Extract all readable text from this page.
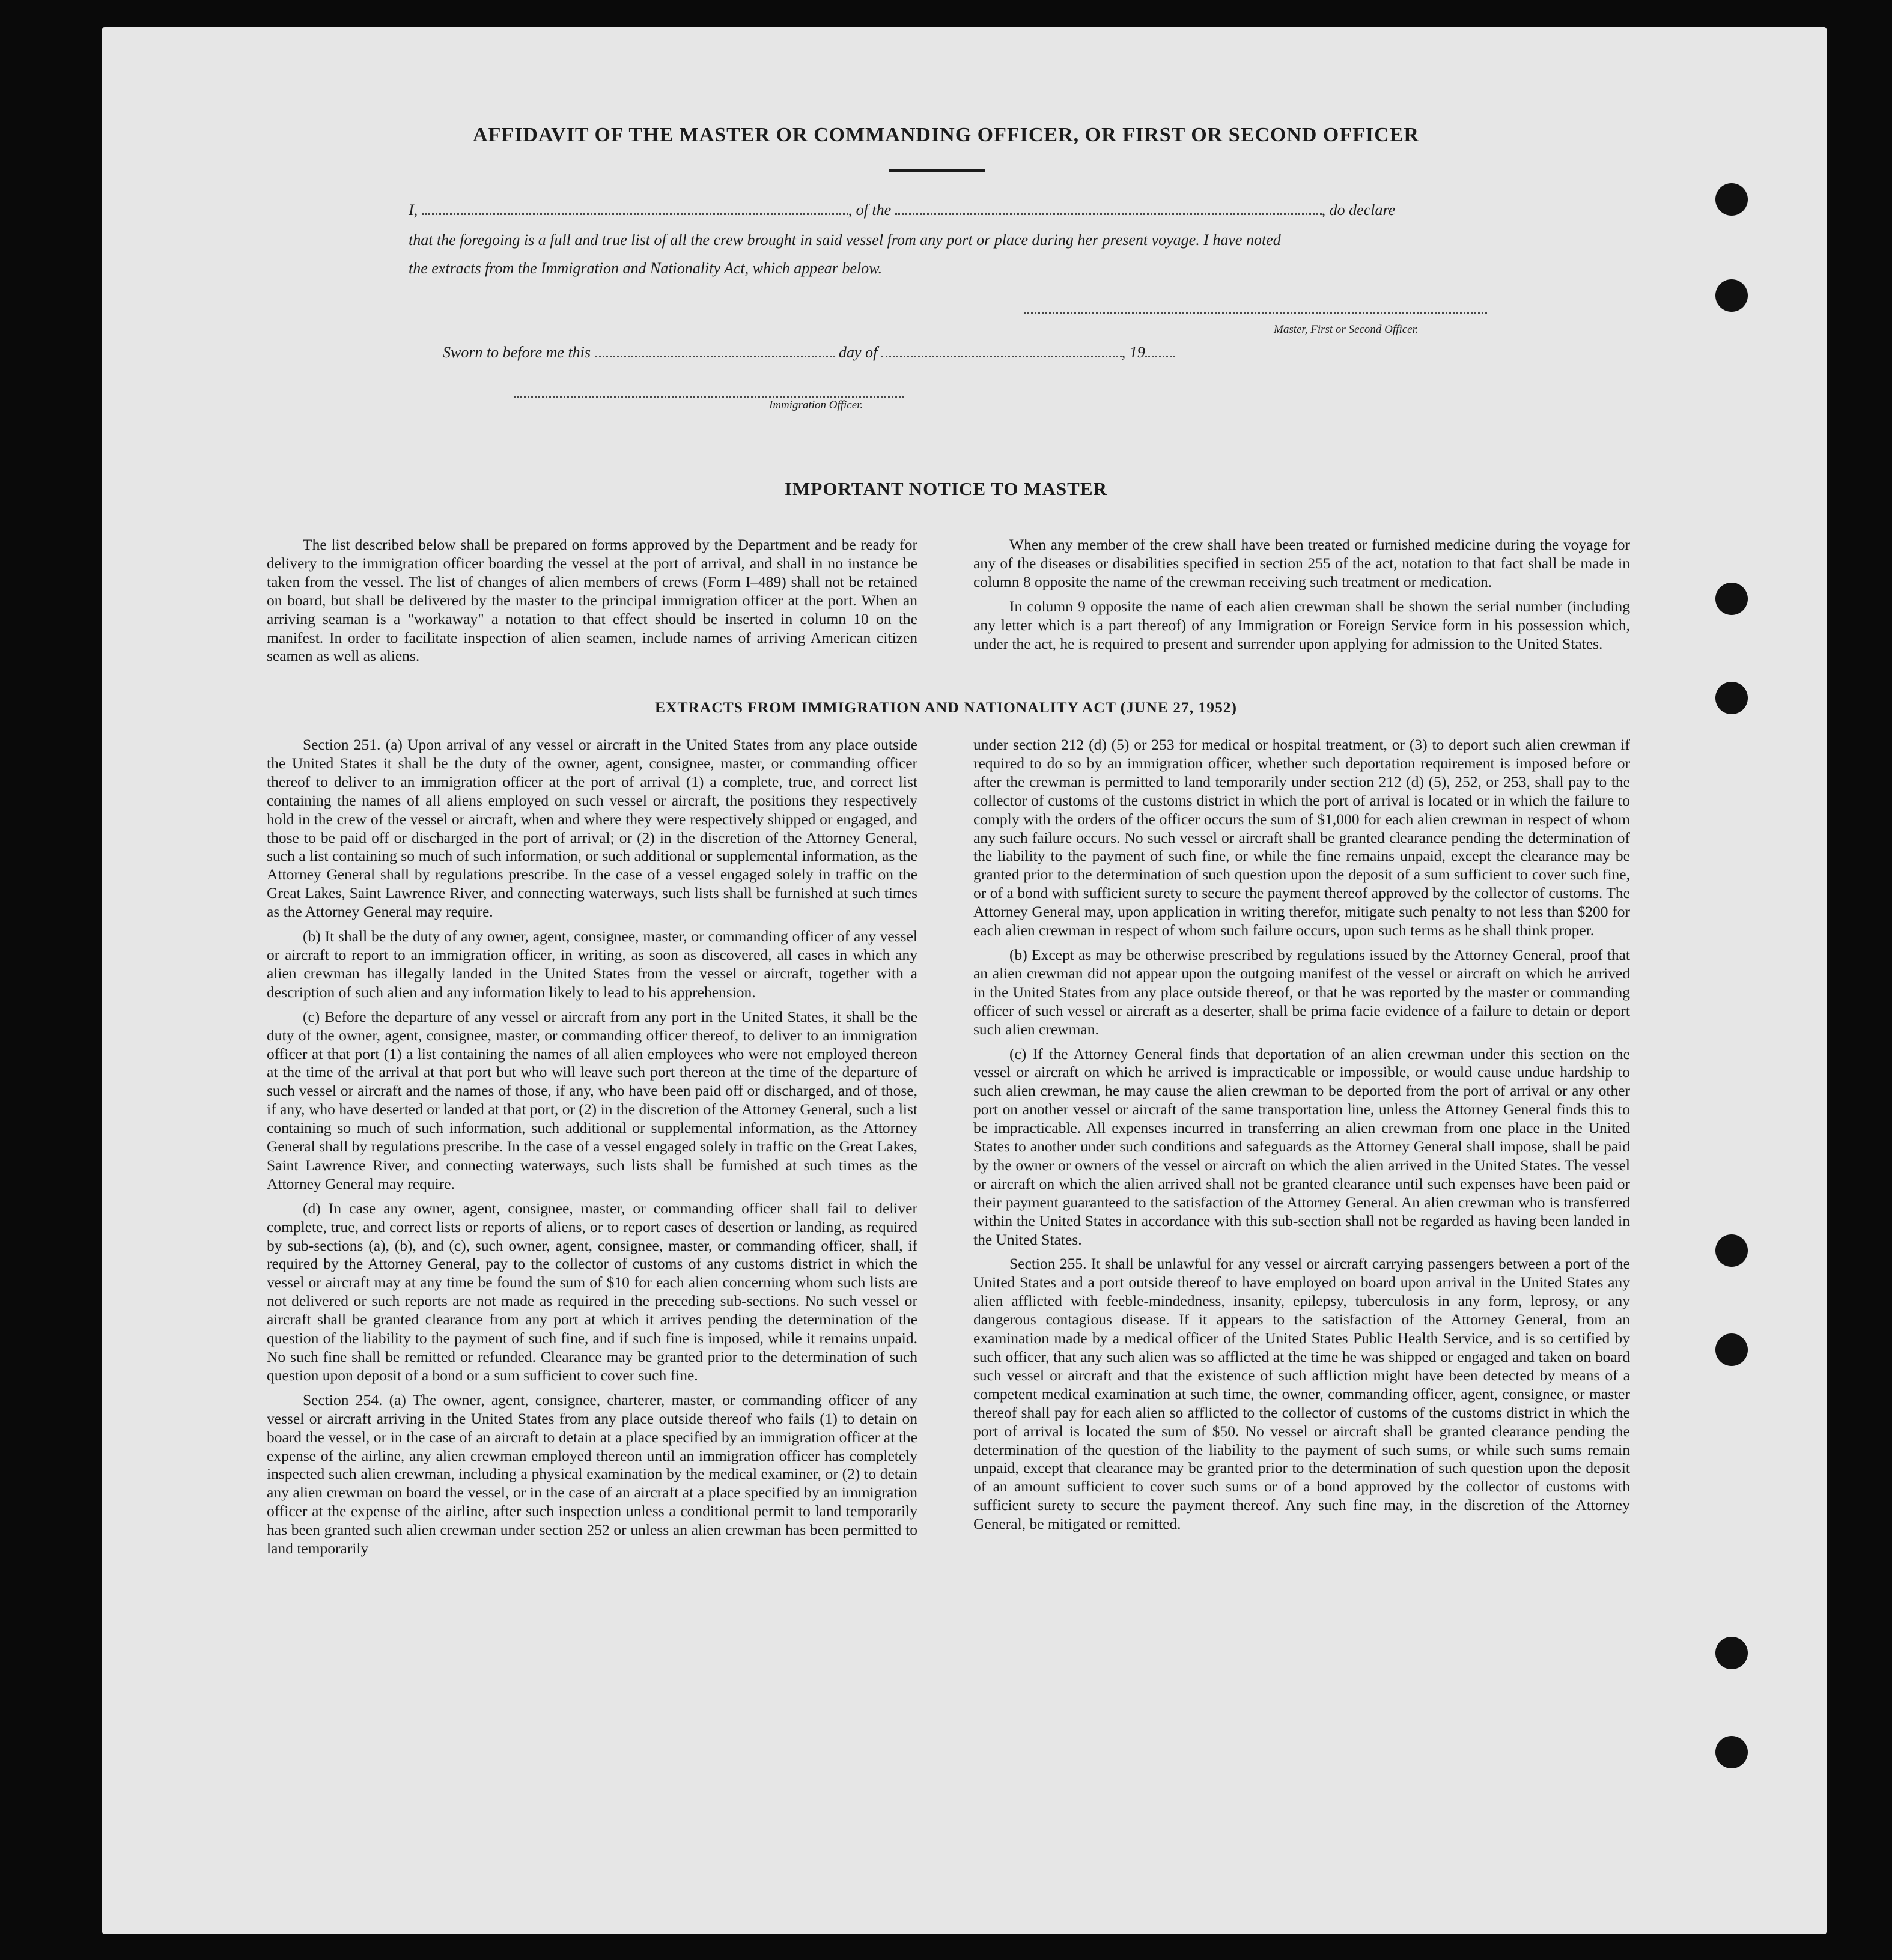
AFFIDAVIT OF THE MASTER OR COMMANDING OFFICER, OR FIRST OR SECOND OFFICER
I,	, of the	, do declare
that the foregoing is a full and true list of all the crew brought in said vessel from any port or place during her present voyage. I have noted
the extracts from the Immigration and Nationality Act, which appear below.
Master, First or Second Officer.
Sworn to before me this	day of	, 19
Immigration Officer.
IMPORTANT NOTICE TO MASTER

The list described below shall be prepared on forms approved by the Department and be ready for delivery to the immigration officer boarding the vessel at the port of arrival, and shall in no instance be taken from the vessel. The list of changes of alien members of crews (Form I–489) shall not be retained on board, but shall be delivered by the master to the principal immigration officer at the port. When an arriving seaman is a "workaway" a notation to that effect should be inserted in column 10 on the manifest. In order to facilitate inspection of alien seamen, include names of arriving American citizen seamen as well as aliens.

When any member of the crew shall have been treated or furnished medicine during the voyage for any of the diseases or disabilities specified in section 255 of the act, notation to that fact shall be made in column 8 opposite the name of the crewman receiving such treatment or medication.

In column 9 opposite the name of each alien crewman shall be shown the serial number (including any letter which is a part thereof) of any Immigration or Foreign Service form in his possession which, under the act, he is required to present and surrender upon applying for admission to the United States.

EXTRACTS FROM IMMIGRATION AND NATIONALITY ACT (JUNE 27, 1952)

Section 251. (a) Upon arrival of any vessel or aircraft in the United States from any place outside the United States it shall be the duty of the owner, agent, consignee, master, or commanding officer thereof to deliver to an immigration officer at the port of arrival (1) a complete, true, and correct list containing the names of all aliens employed on such vessel or aircraft, the positions they respectively hold in the crew of the vessel or aircraft, when and where they were respectively shipped or engaged, and those to be paid off or discharged in the port of arrival; or (2) in the discretion of the Attorney General, such a list containing so much of such information, or such additional or supplemental information, as the Attorney General shall by regulations prescribe. In the case of a vessel engaged solely in traffic on the Great Lakes, Saint Lawrence River, and connecting waterways, such lists shall be furnished at such times as the Attorney General may require.

(b) It shall be the duty of any owner, agent, consignee, master, or commanding officer of any vessel or aircraft to report to an immigration officer, in writing, as soon as discovered, all cases in which any alien crewman has illegally landed in the United States from the vessel or aircraft, together with a description of such alien and any information likely to lead to his apprehension.

(c) Before the departure of any vessel or aircraft from any port in the United States, it shall be the duty of the owner, agent, consignee, master, or commanding officer thereof, to deliver to an immigration officer at that port (1) a list containing the names of all alien employees who were not employed thereon at the time of the arrival at that port but who will leave such port thereon at the time of the departure of such vessel or aircraft and the names of those, if any, who have been paid off or discharged, and of those, if any, who have deserted or landed at that port, or (2) in the discretion of the Attorney General, such a list containing so much of such information, such additional or supplemental information, as the Attorney General shall by regulations prescribe. In the case of a vessel engaged solely in traffic on the Great Lakes, Saint Lawrence River, and connecting waterways, such lists shall be furnished at such times as the Attorney General may require.

(d) In case any owner, agent, consignee, master, or commanding officer shall fail to deliver complete, true, and correct lists or reports of aliens, or to report cases of desertion or landing, as required by sub-sections (a), (b), and (c), such owner, agent, consignee, master, or commanding officer, shall, if required by the Attorney General, pay to the collector of customs of any customs district in which the vessel or aircraft may at any time be found the sum of $10 for each alien concerning whom such lists are not delivered or such reports are not made as required in the preceding sub-sections. No such vessel or aircraft shall be granted clearance from any port at which it arrives pending the determination of the question of the liability to the payment of such fine, and if such fine is imposed, while it remains unpaid. No such fine shall be remitted or refunded. Clearance may be granted prior to the determination of such question upon deposit of a bond or a sum sufficient to cover such fine.

Section 254. (a) The owner, agent, consignee, charterer, master, or commanding officer of any vessel or aircraft arriving in the United States from any place outside thereof who fails (1) to detain on board the vessel, or in the case of an aircraft to detain at a place specified by an immigration officer at the expense of the airline, any alien crewman employed thereon until an immigration officer has completely inspected such alien crewman, including a physical examination by the medical examiner, or (2) to detain any alien crewman on board the vessel, or in the case of an aircraft at a place specified by an immigration officer at the expense of the airline, after such inspection unless a conditional permit to land temporarily has been granted such alien crewman under section 252 or unless an alien crewman has been permitted to land temporarily

under section 212 (d) (5) or 253 for medical or hospital treatment, or (3) to deport such alien crewman if required to do so by an immigration officer, whether such deportation requirement is imposed before or after the crewman is permitted to land temporarily under section 212 (d) (5), 252, or 253, shall pay to the collector of customs of the customs district in which the port of arrival is located or in which the failure to comply with the orders of the officer occurs the sum of $1,000 for each alien crewman in respect of whom any such failure occurs. No such vessel or aircraft shall be granted clearance pending the determination of the liability to the payment of such fine, or while the fine remains unpaid, except the clearance may be granted prior to the determination of such question upon the deposit of a sum sufficient to cover such fine, or of a bond with sufficient surety to secure the payment thereof approved by the collector of customs. The Attorney General may, upon application in writing therefor, mitigate such penalty to not less than $200 for each alien crewman in respect of whom such failure occurs, upon such terms as he shall think proper.

(b) Except as may be otherwise prescribed by regulations issued by the Attorney General, proof that an alien crewman did not appear upon the outgoing manifest of the vessel or aircraft on which he arrived in the United States from any place outside thereof, or that he was reported by the master or commanding officer of such vessel or aircraft as a deserter, shall be prima facie evidence of a failure to detain or deport such alien crewman.

(c) If the Attorney General finds that deportation of an alien crewman under this section on the vessel or aircraft on which he arrived is impracticable or impossible, or would cause undue hardship to such alien crewman, he may cause the alien crewman to be deported from the port of arrival or any other port on another vessel or aircraft of the same transportation line, unless the Attorney General finds this to be impracticable. All expenses incurred in transferring an alien crewman from one place in the United States to another under such conditions and safeguards as the Attorney General shall impose, shall be paid by the owner or owners of the vessel or aircraft on which the alien arrived in the United States. The vessel or aircraft on which the alien arrived shall not be granted clearance until such expenses have been paid or their payment guaranteed to the satisfaction of the Attorney General. An alien crewman who is transferred within the United States in accordance with this sub-section shall not be regarded as having been landed in the United States.

Section 255. It shall be unlawful for any vessel or aircraft carrying passengers between a port of the United States and a port outside thereof to have employed on board upon arrival in the United States any alien afflicted with feeble-mindedness, insanity, epilepsy, tuberculosis in any form, leprosy, or any dangerous contagious disease. If it appears to the satisfaction of the Attorney General, from an examination made by a medical officer of the United States Public Health Service, and is so certified by such officer, that any such alien was so afflicted at the time he was shipped or engaged and taken on board such vessel or aircraft and that the existence of such affliction might have been detected by means of a competent medical examination at such time, the owner, commanding officer, agent, consignee, or master thereof shall pay for each alien so afflicted to the collector of customs of the customs district in which the port of arrival is located the sum of $50. No vessel or aircraft shall be granted clearance pending the determination of the question of the liability to the payment of such sums, or while such sums remain unpaid, except that clearance may be granted prior to the determination of such question upon the deposit of an amount sufficient to cover such sums or of a bond approved by the collector of customs with sufficient surety to secure the payment thereof. Any such fine may, in the discretion of the Attorney General, be mitigated or remitted.
